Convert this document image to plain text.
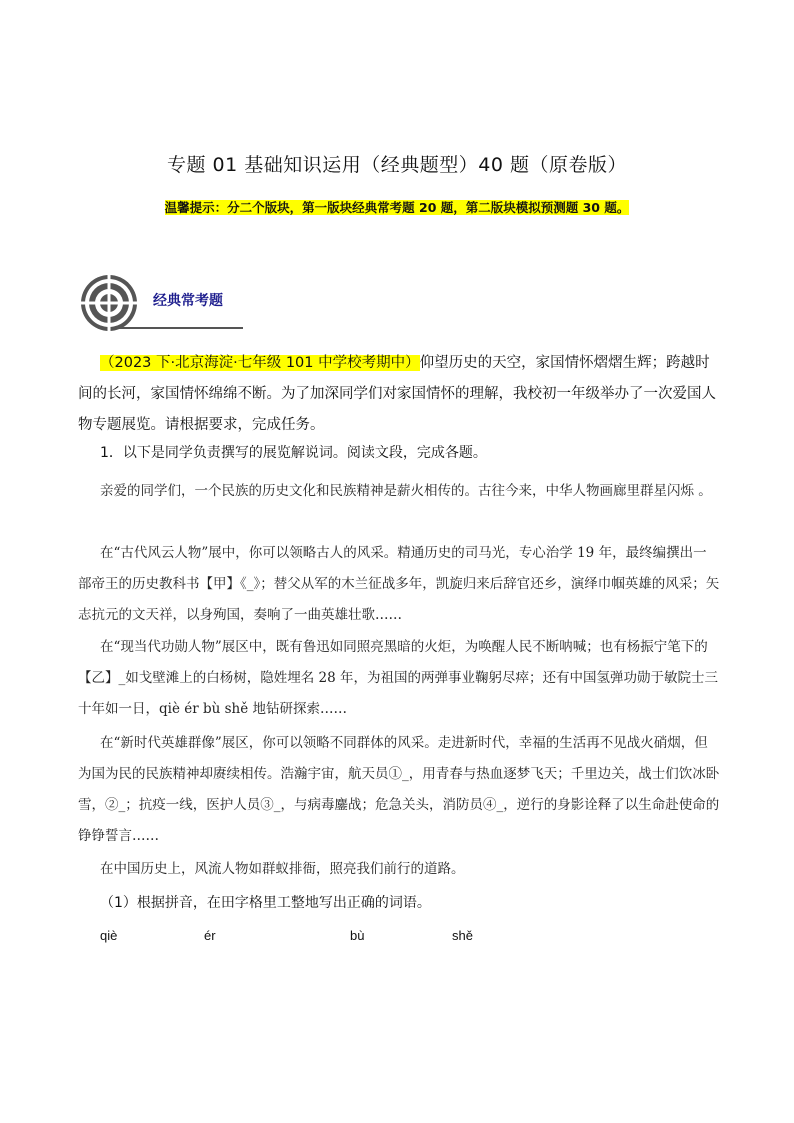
专题 01 基础知识运用（经典题型）40 题（原卷版）
温馨提示：分二个版块，第一版块经典常考题 20 题，第二版块模拟预测题 30 题。
经典常考题
（2023 下·北京海淀·七年级 101 中学校考期中）仰望历史的天空，家国情怀熠熠生辉；跨越时间的长河，家国情怀绵绵不断。为了加深同学们对家国情怀的理解，我校初一年级举办了一次爱国人物专题展览。请根据要求，完成任务。
1．以下是同学负责撰写的展览解说词。阅读文段，完成各题。
亲爱的同学们，一个民族的历史文化和民族精神是薪火相传的。古往今来，中华人物画廊里群星闪烁 。
在“古代风云人物”展中，你可以领略古人的风采。精通历史的司马光，专心治学 19 年，最终编撰出一部帝王的历史教科书【甲】《_》；替父从军的木兰征战多年，凯旋归来后辞官还乡，演绎巾帼英雄的风采；矢志抗元的文天祥，以身殉国，奏响了一曲英雄壮歌……
在“现当代功勋人物”展区中，既有鲁迅如同照亮黑暗的火炬，为唤醒人民不断呐喊；也有杨振宁笔下的【乙】_如戈壁滩上的白杨树，隐姓埋名 28 年，为祖国的两弹事业鞠躬尽瘁；还有中国氢弹功勋于敏院士三十年如一日，qiè ér bù shě 地钻研探索……
在“新时代英雄群像”展区，你可以领略不同群体的风采。走进新时代，幸福的生活再不见战火硝烟，但为国为民的民族精神却赓续相传。浩瀚宇宙，航天员①_，用青春与热血逐梦飞天；千里边关，战士们饮冰卧雪，②_；抗疫一线，医护人员③_，与病毒鏖战；危急关头，消防员④_，逆行的身影诠释了以生命赴使命的铮铮誓言……
在中国历史上，风流人物如群蚁排衙，照亮我们前行的道路。
（1）根据拼音，在田字格里工整地写出正确的词语。
qiè	ér	bù	shě
